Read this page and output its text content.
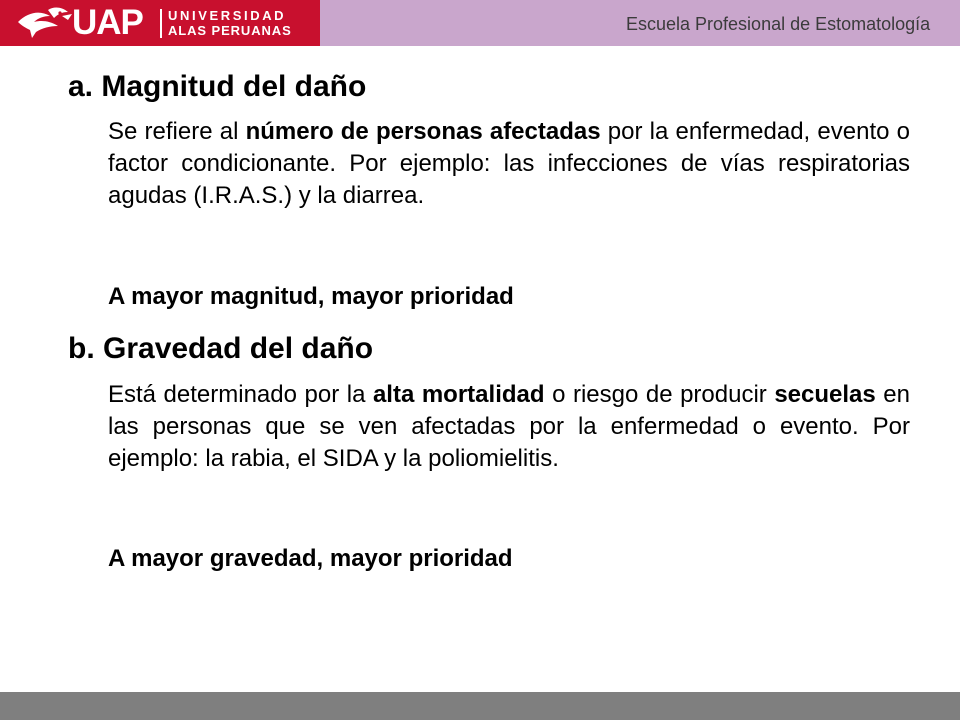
UAP UNIVERSIDAD
ALAS PERUANAS	Escuela Profesional de Estomatología
a. Magnitud del daño

Se refiere al número de personas afectadas por la enfermedad, evento o factor condicionante. Por ejemplo: las infecciones de vías respiratorias agudas (I.R.A.S.) y la diarrea.

A mayor magnitud, mayor prioridad
b. Gravedad del daño

Está determinado por la alta mortalidad o riesgo de producir secuelas en las personas que se ven afectadas por la enfermedad o evento. Por ejemplo: la rabia, el SIDA y la poliomielitis.

A mayor gravedad, mayor prioridad
